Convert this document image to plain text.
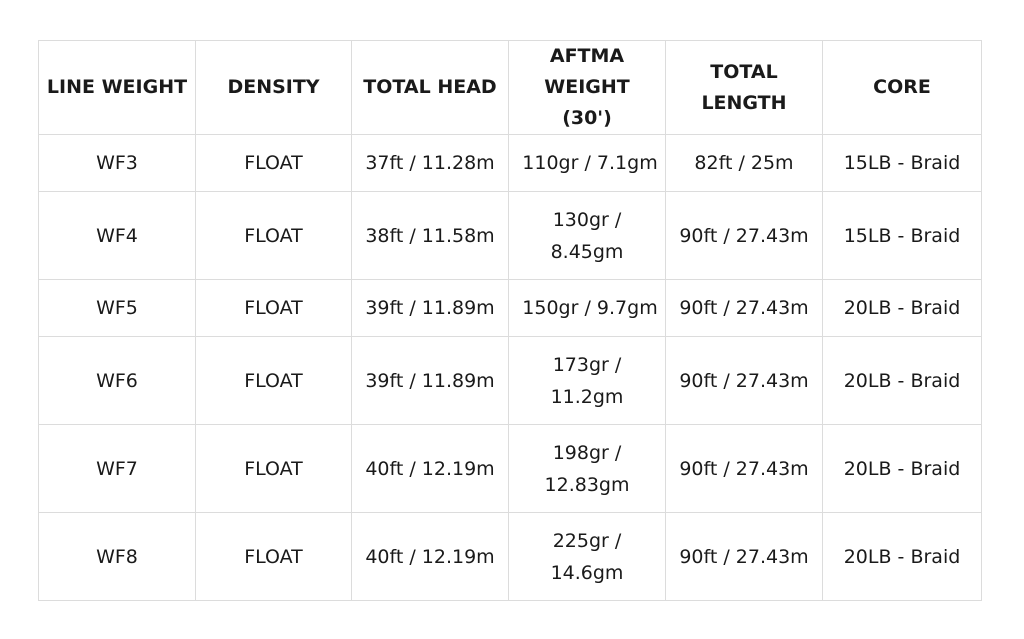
LINE WEIGHT	DENSITY	TOTAL HEAD	AFTMA WEIGHT (30')	TOTAL LENGTH	CORE
WF3	FLOAT	37ft / 11.28m	110gr / 7.1gm	82ft / 25m	15LB - Braid
WF4	FLOAT	38ft / 11.58m	130gr / 8.45gm	90ft / 27.43m	15LB - Braid
WF5	FLOAT	39ft / 11.89m	150gr / 9.7gm	90ft / 27.43m	20LB - Braid
WF6	FLOAT	39ft / 11.89m	173gr / 11.2gm	90ft / 27.43m	20LB - Braid
WF7	FLOAT	40ft / 12.19m	198gr / 12.83gm	90ft / 27.43m	20LB - Braid
WF8	FLOAT	40ft / 12.19m	225gr / 14.6gm	90ft / 27.43m	20LB - Braid
